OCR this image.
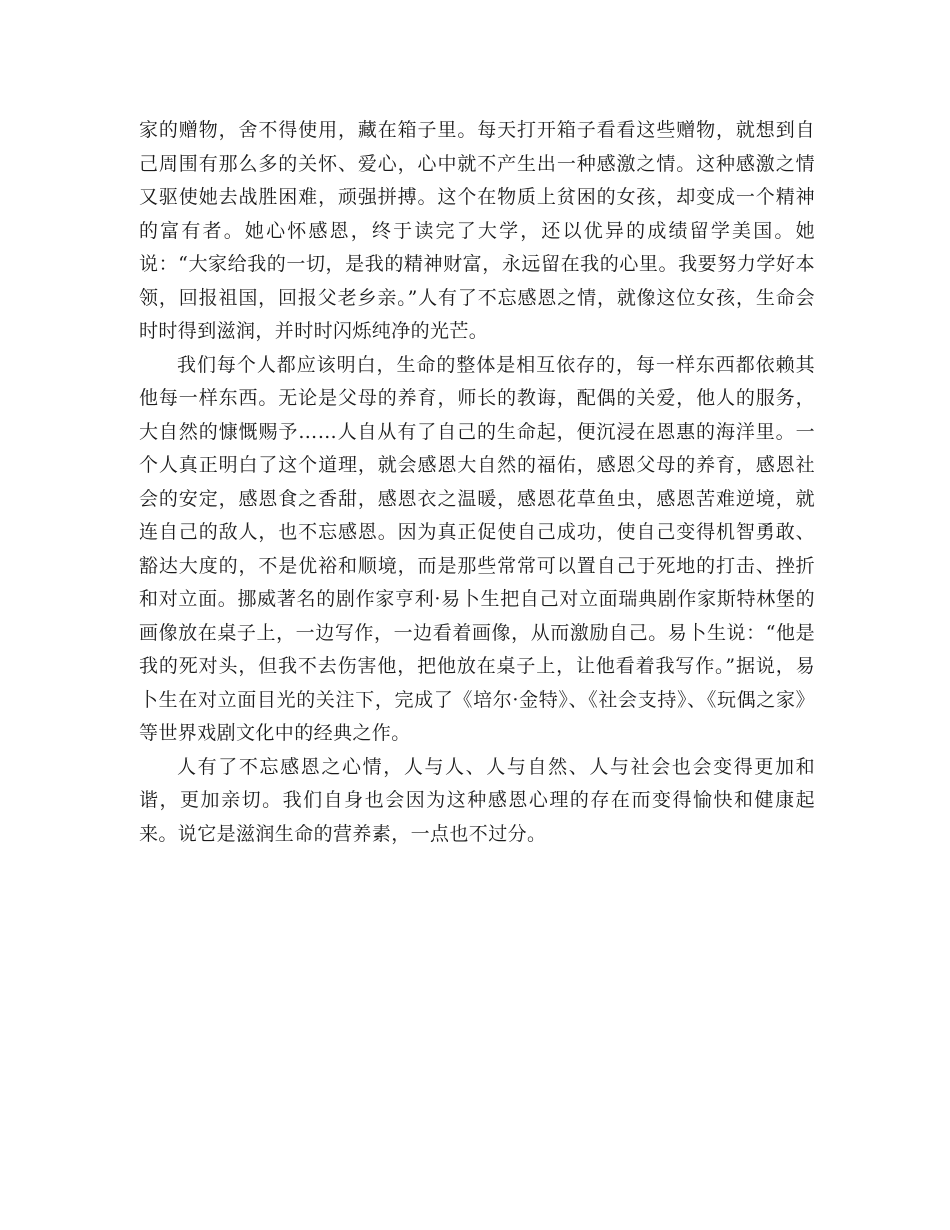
家的赠物，舍不得使用，藏在箱子里。每天打开箱子看看这些赠物，就想到自己周围有那么多的关怀、爱心，心中就不产生出一种感激之情。这种感激之情又驱使她去战胜困难，顽强拼搏。这个在物质上贫困的女孩，却变成一个精神的富有者。她心怀感恩，终于读完了大学，还以优异的成绩留学美国。她说：“大家给我的一切，是我的精神财富，永远留在我的心里。我要努力学好本领，回报祖国，回报父老乡亲。”人有了不忘感恩之情，就像这位女孩，生命会时时得到滋润，并时时闪烁纯净的光芒。

我们每个人都应该明白，生命的整体是相互依存的，每一样东西都依赖其他每一样东西。无论是父母的养育，师长的教诲，配偶的关爱，他人的服务，大自然的慷慨赐予……人自从有了自己的生命起，便沉浸在恩惠的海洋里。一个人真正明白了这个道理，就会感恩大自然的福佑，感恩父母的养育，感恩社会的安定，感恩食之香甜，感恩衣之温暖，感恩花草鱼虫，感恩苦难逆境，就连自己的敌人，也不忘感恩。因为真正促使自己成功，使自己变得机智勇敢、豁达大度的，不是优裕和顺境，而是那些常常可以置自己于死地的打击、挫折和对立面。挪威著名的剧作家亨利·易卜生把自己对立面瑞典剧作家斯特林堡的画像放在桌子上，一边写作，一边看着画像，从而激励自己。易卜生说：“他是我的死对头，但我不去伤害他，把他放在桌子上，让他看着我写作。”据说，易卜生在对立面目光的关注下，完成了《培尔·金特》、《社会支持》、《玩偶之家》等世界戏剧文化中的经典之作。

人有了不忘感恩之心情，人与人、人与自然、人与社会也会变得更加和谐，更加亲切。我们自身也会因为这种感恩心理的存在而变得愉快和健康起来。说它是滋润生命的营养素，一点也不过分。
